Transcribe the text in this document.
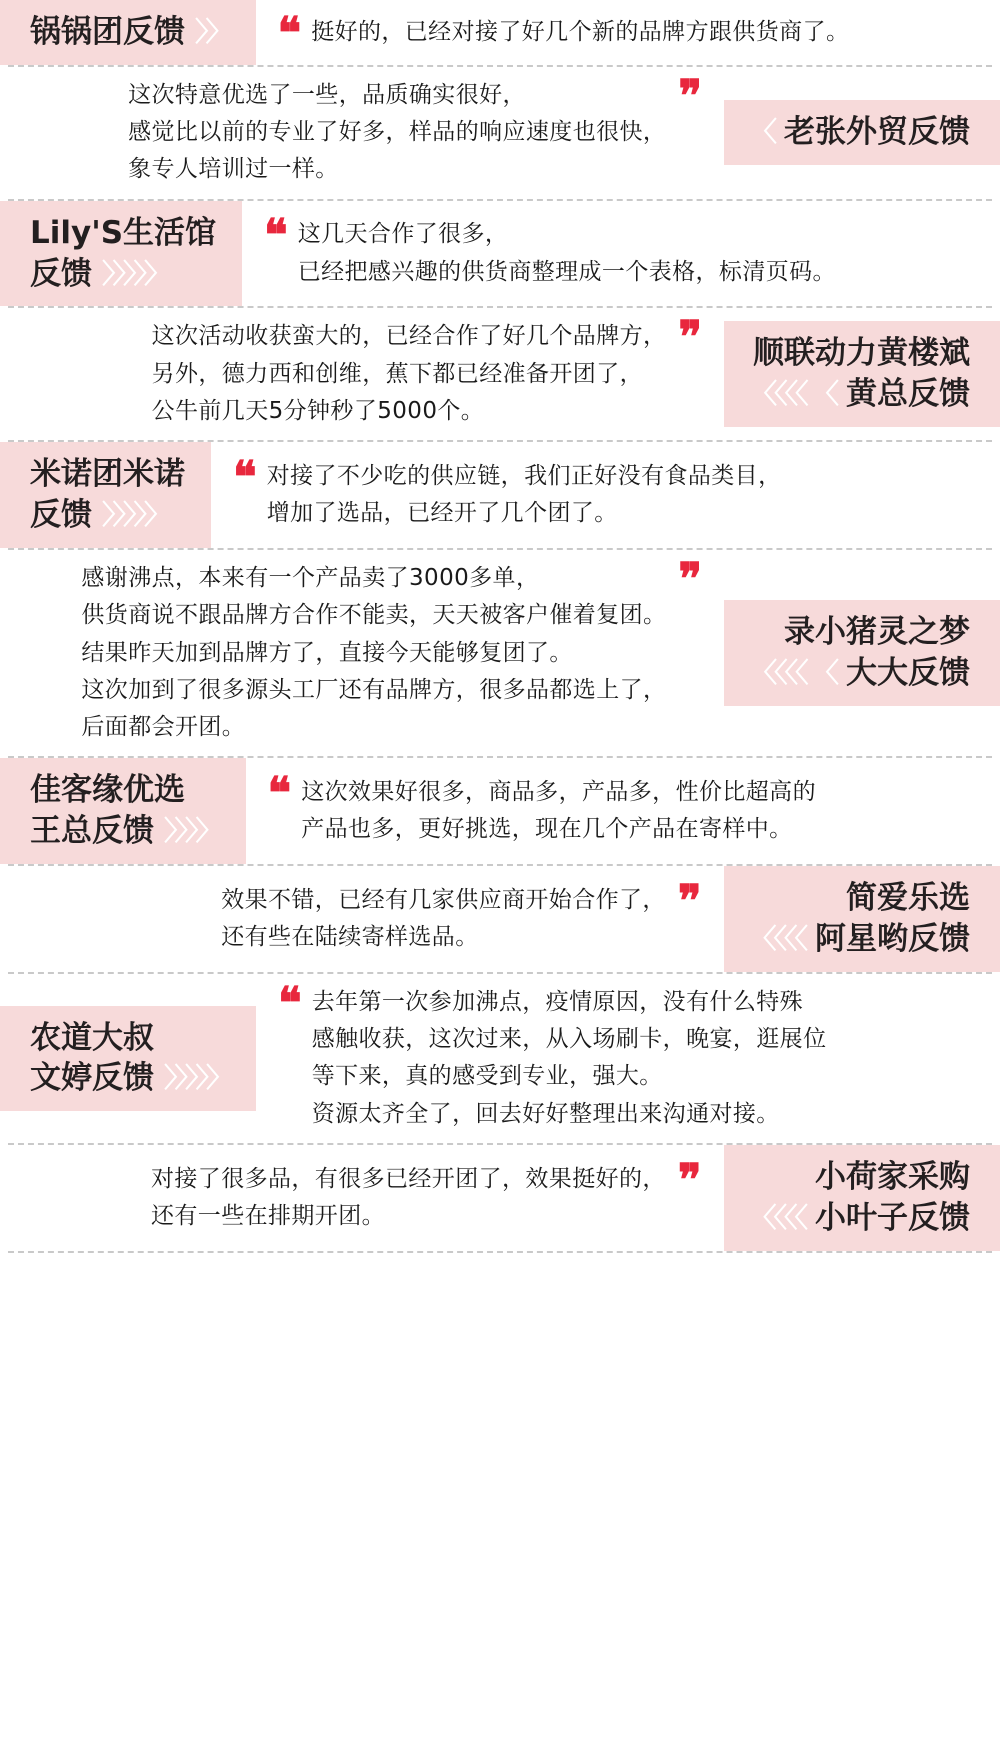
锅锅团反馈 〉〉 ❝ 挺好的，已经对接了好几个新的品牌方跟供货商了。
〈 老张外贸反馈
这次特意优选了一些，品质确实很好，
感觉比以前的专业了好多，样品的响应速度也很快，
象专人培训过一样。
❞
Lily'S生活馆
反馈 〉〉〉〉〉
❝ 这几天合作了很多，
已经把感兴趣的供货商整理成一个表格，标清页码。
顺联动力黄楼斌
〈〈〈〈 〈 黄总反馈
这次活动收获蛮大的，已经合作了好几个品牌方，
另外，德力西和创维，蕉下都已经准备开团了，
公牛前几天5分钟秒了5000个。
❞
米诺团米诺
反馈 〉〉〉〉〉
❝ 对接了不少吃的供应链，我们正好没有食品类目，
增加了选品，已经开了几个团了。
录小猪灵之梦
〈〈〈〈 〈 大大反馈
感谢沸点，本来有一个产品卖了3000多单，
供货商说不跟品牌方合作不能卖，天天被客户催着复团。
结果昨天加到品牌方了，直接今天能够复团了。
这次加到了很多源头工厂还有品牌方，很多品都选上了，
后面都会开团。
❞
佳客缘优选
王总反馈 〉〉〉〉
❝ 这次效果好很多，商品多，产品多，性价比超高的
产品也多，更好挑选，现在几个产品在寄样中。
简爱乐选
〈〈〈〈 阿星哟反馈
效果不错，已经有几家供应商开始合作了，
还有些在陆续寄样选品。
❞
农道大叔
文婷反馈 〉〉〉〉〉
❝ 去年第一次参加沸点，疫情原因，没有什么特殊
感触收获，这次过来，从入场刷卡，晚宴，逛展位
等下来，真的感受到专业，强大。
资源太齐全了，回去好好整理出来沟通对接。
小荷家采购
〈〈〈〈 小叶子反馈
对接了很多品，有很多已经开团了，效果挺好的，
还有一些在排期开团。
❞
